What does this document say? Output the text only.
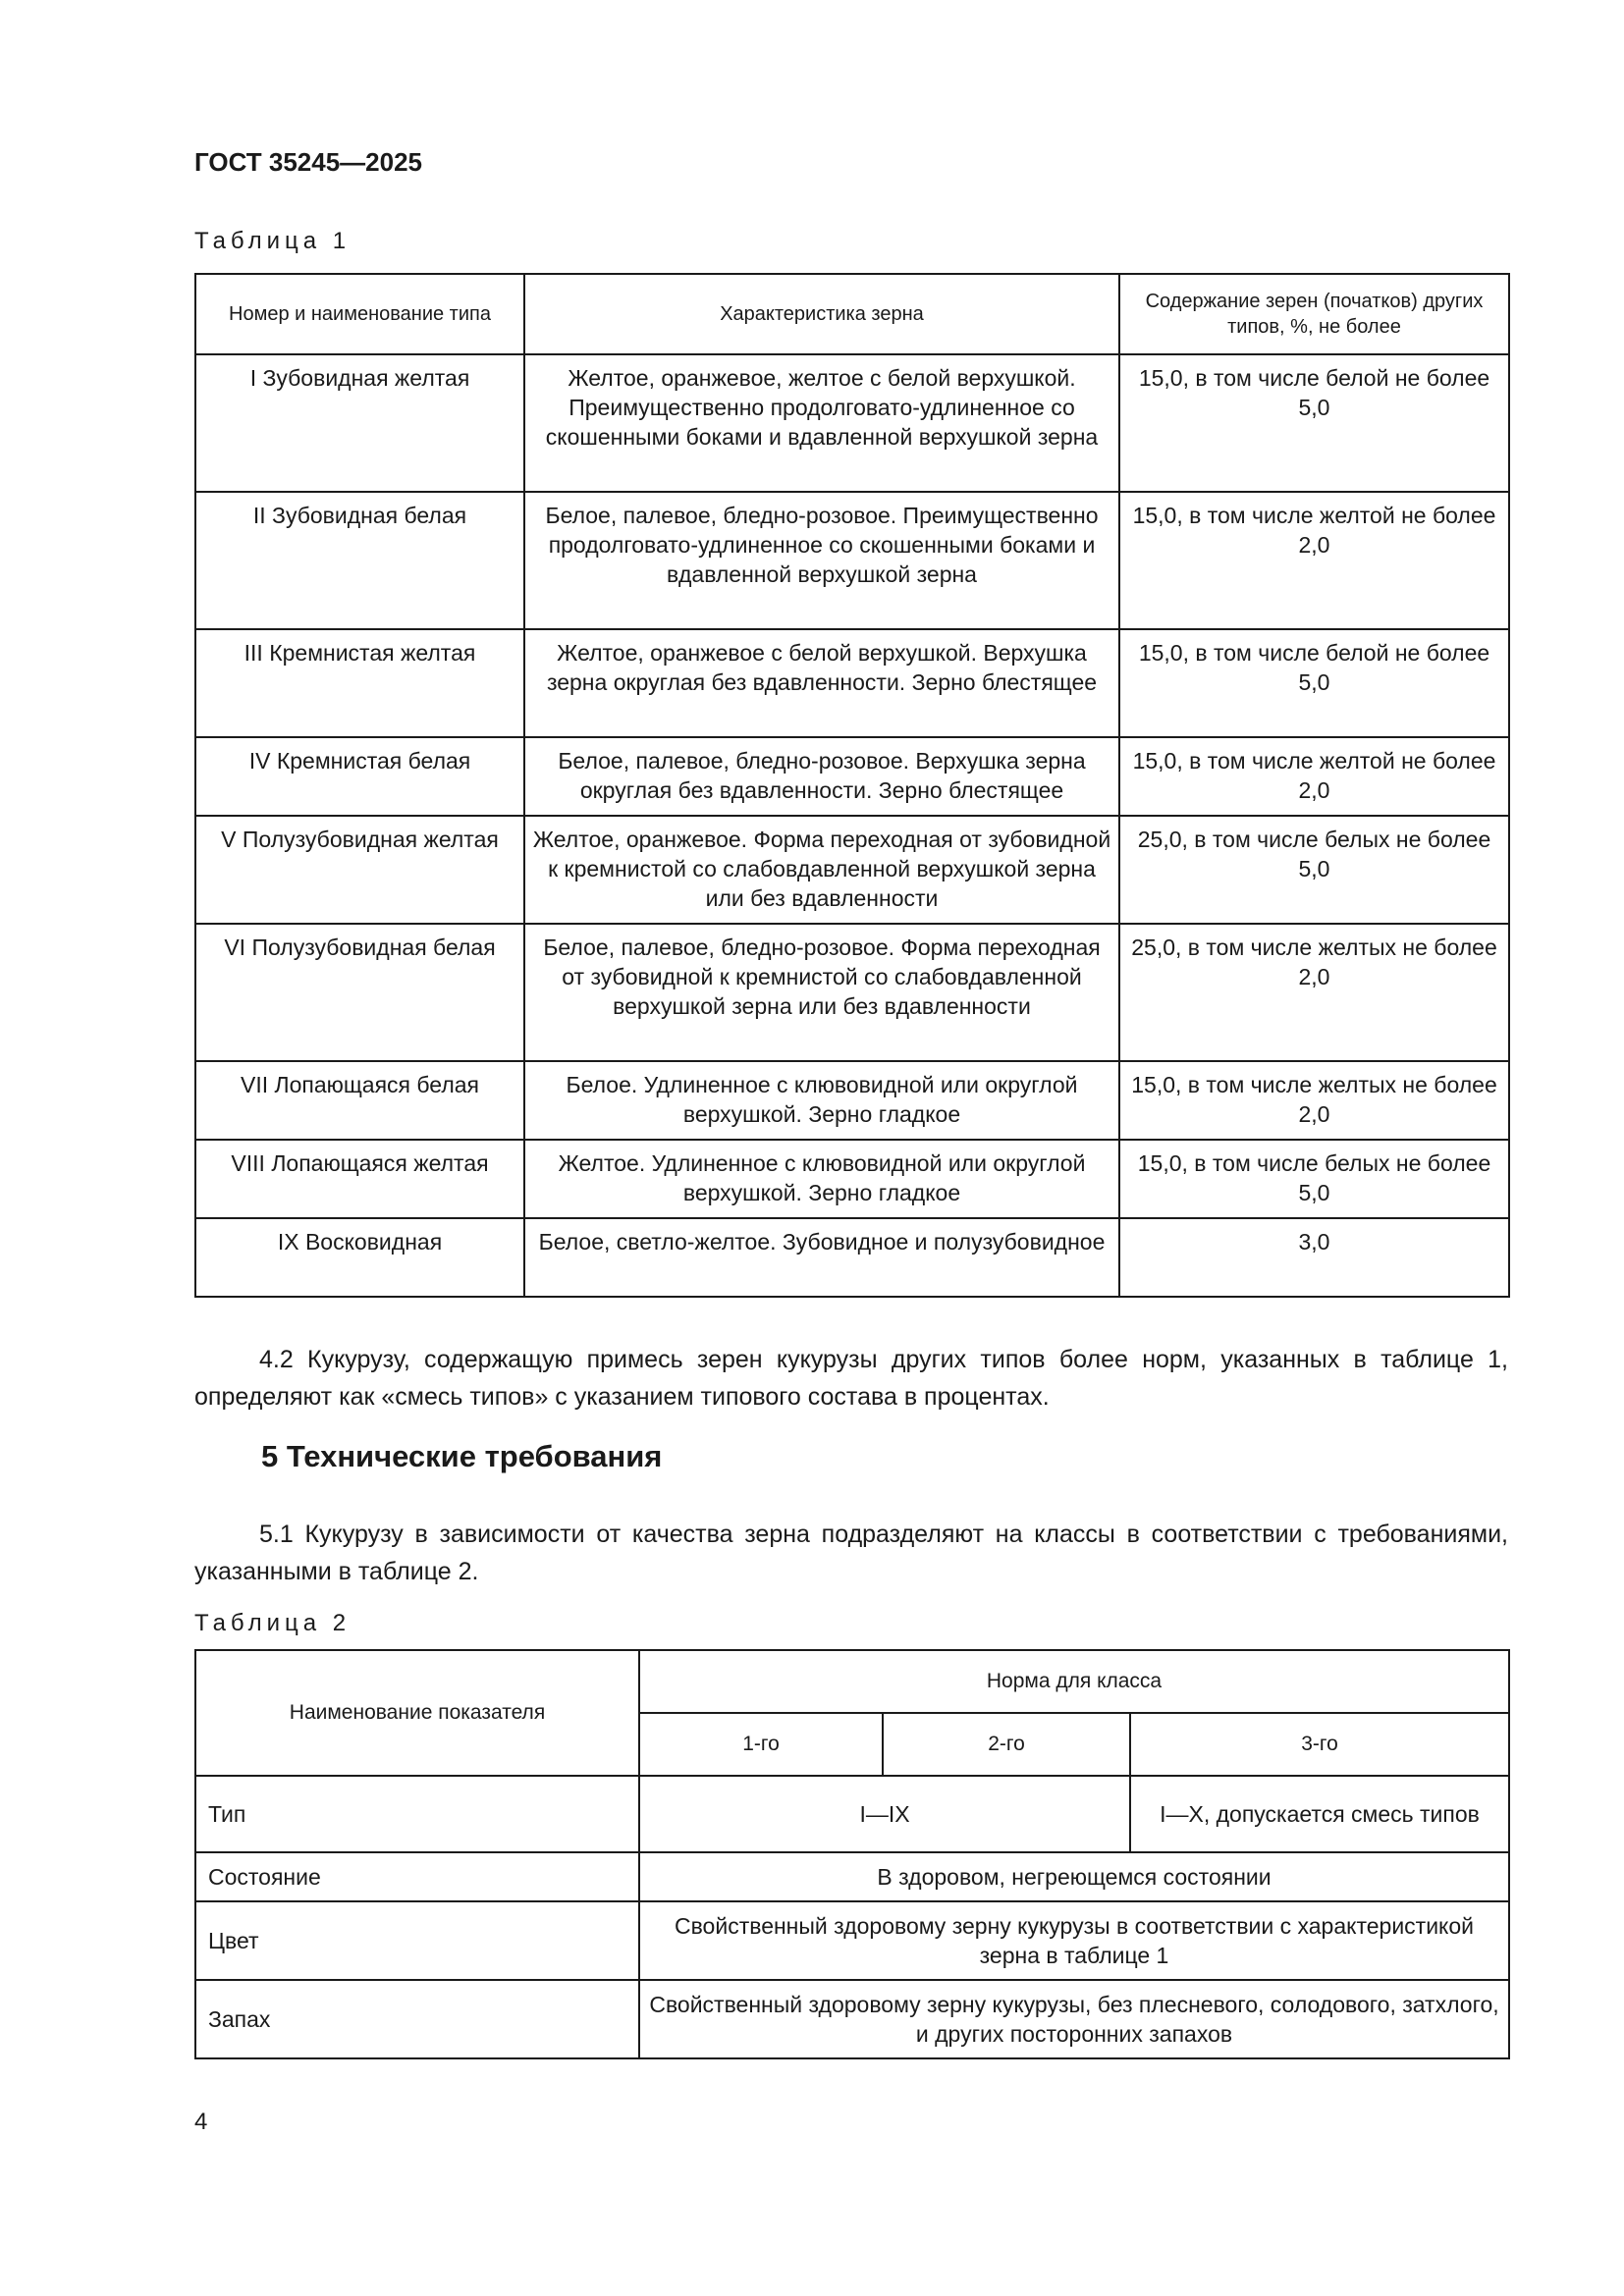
ГОСТ 35245—2025
Таблица 1
Номер и наименование типа	Характеристика зерна	Содержание зерен (початков) других типов, %, не более
I Зубовидная желтая	Желтое, оранжевое, желтое с белой верхушкой. Преимущественно продолговато-удлиненное со скошенными боками и вдавленной верхушкой зерна	15,0, в том числе белой не более 5,0
II Зубовидная белая	Белое, палевое, бледно-розовое. Преимущественно продолговато-удлиненное со скошенными боками и вдавленной верхушкой зерна	15,0, в том числе желтой не более 2,0
III Кремнистая желтая	Желтое, оранжевое с белой верхушкой. Верхушка зерна округлая без вдавленности. Зерно блестящее	15,0, в том числе белой не более 5,0
IV Кремнистая белая	Белое, палевое, бледно-розовое. Верхушка зерна округлая без вдавленности. Зерно блестящее	15,0, в том числе желтой не более 2,0
V Полузубовидная желтая	Желтое, оранжевое. Форма переходная от зубовидной к кремнистой со слабовдавленной верхушкой зерна или без вдавленности	25,0, в том числе белых не более 5,0
VI Полузубовидная белая	Белое, палевое, бледно-розовое. Форма переходная от зубовидной к кремнистой со слабовдавленной верхушкой зерна или без вдавленности	25,0, в том числе желтых не более 2,0
VII Лопающаяся белая	Белое. Удлиненное с клювовидной или округлой верхушкой. Зерно гладкое	15,0, в том числе желтых не более 2,0
VIII Лопающаяся желтая	Желтое. Удлиненное с клювовидной или округлой верхушкой. Зерно гладкое	15,0, в том числе белых не более 5,0
IX Восковидная	Белое, светло-желтое. Зубовидное и полузубовидное	3,0
4.2 Кукурузу, содержащую примесь зерен кукурузы других типов более норм, указанных в таблице 1, определяют как «смесь типов» с указанием типового состава в процентах.
5 Технические требования
5.1 Кукурузу в зависимости от качества зерна подразделяют на классы в соответствии с требованиями, указанными в таблице 2.
Таблица 2
Наименование показателя	Норма для класса		
	1-го	2-го	3-го
Тип	I—IX		I—X, допускается смесь типов
Состояние	В здоровом, негреющемся состоянии		
Цвет	Свойственный здоровому зерну кукурузы в соответствии с характеристикой зерна в таблице 1		
Запах	Свойственный здоровому зерну кукурузы, без плесневого, солодового, затхлого, и других посторонних запахов		
4
